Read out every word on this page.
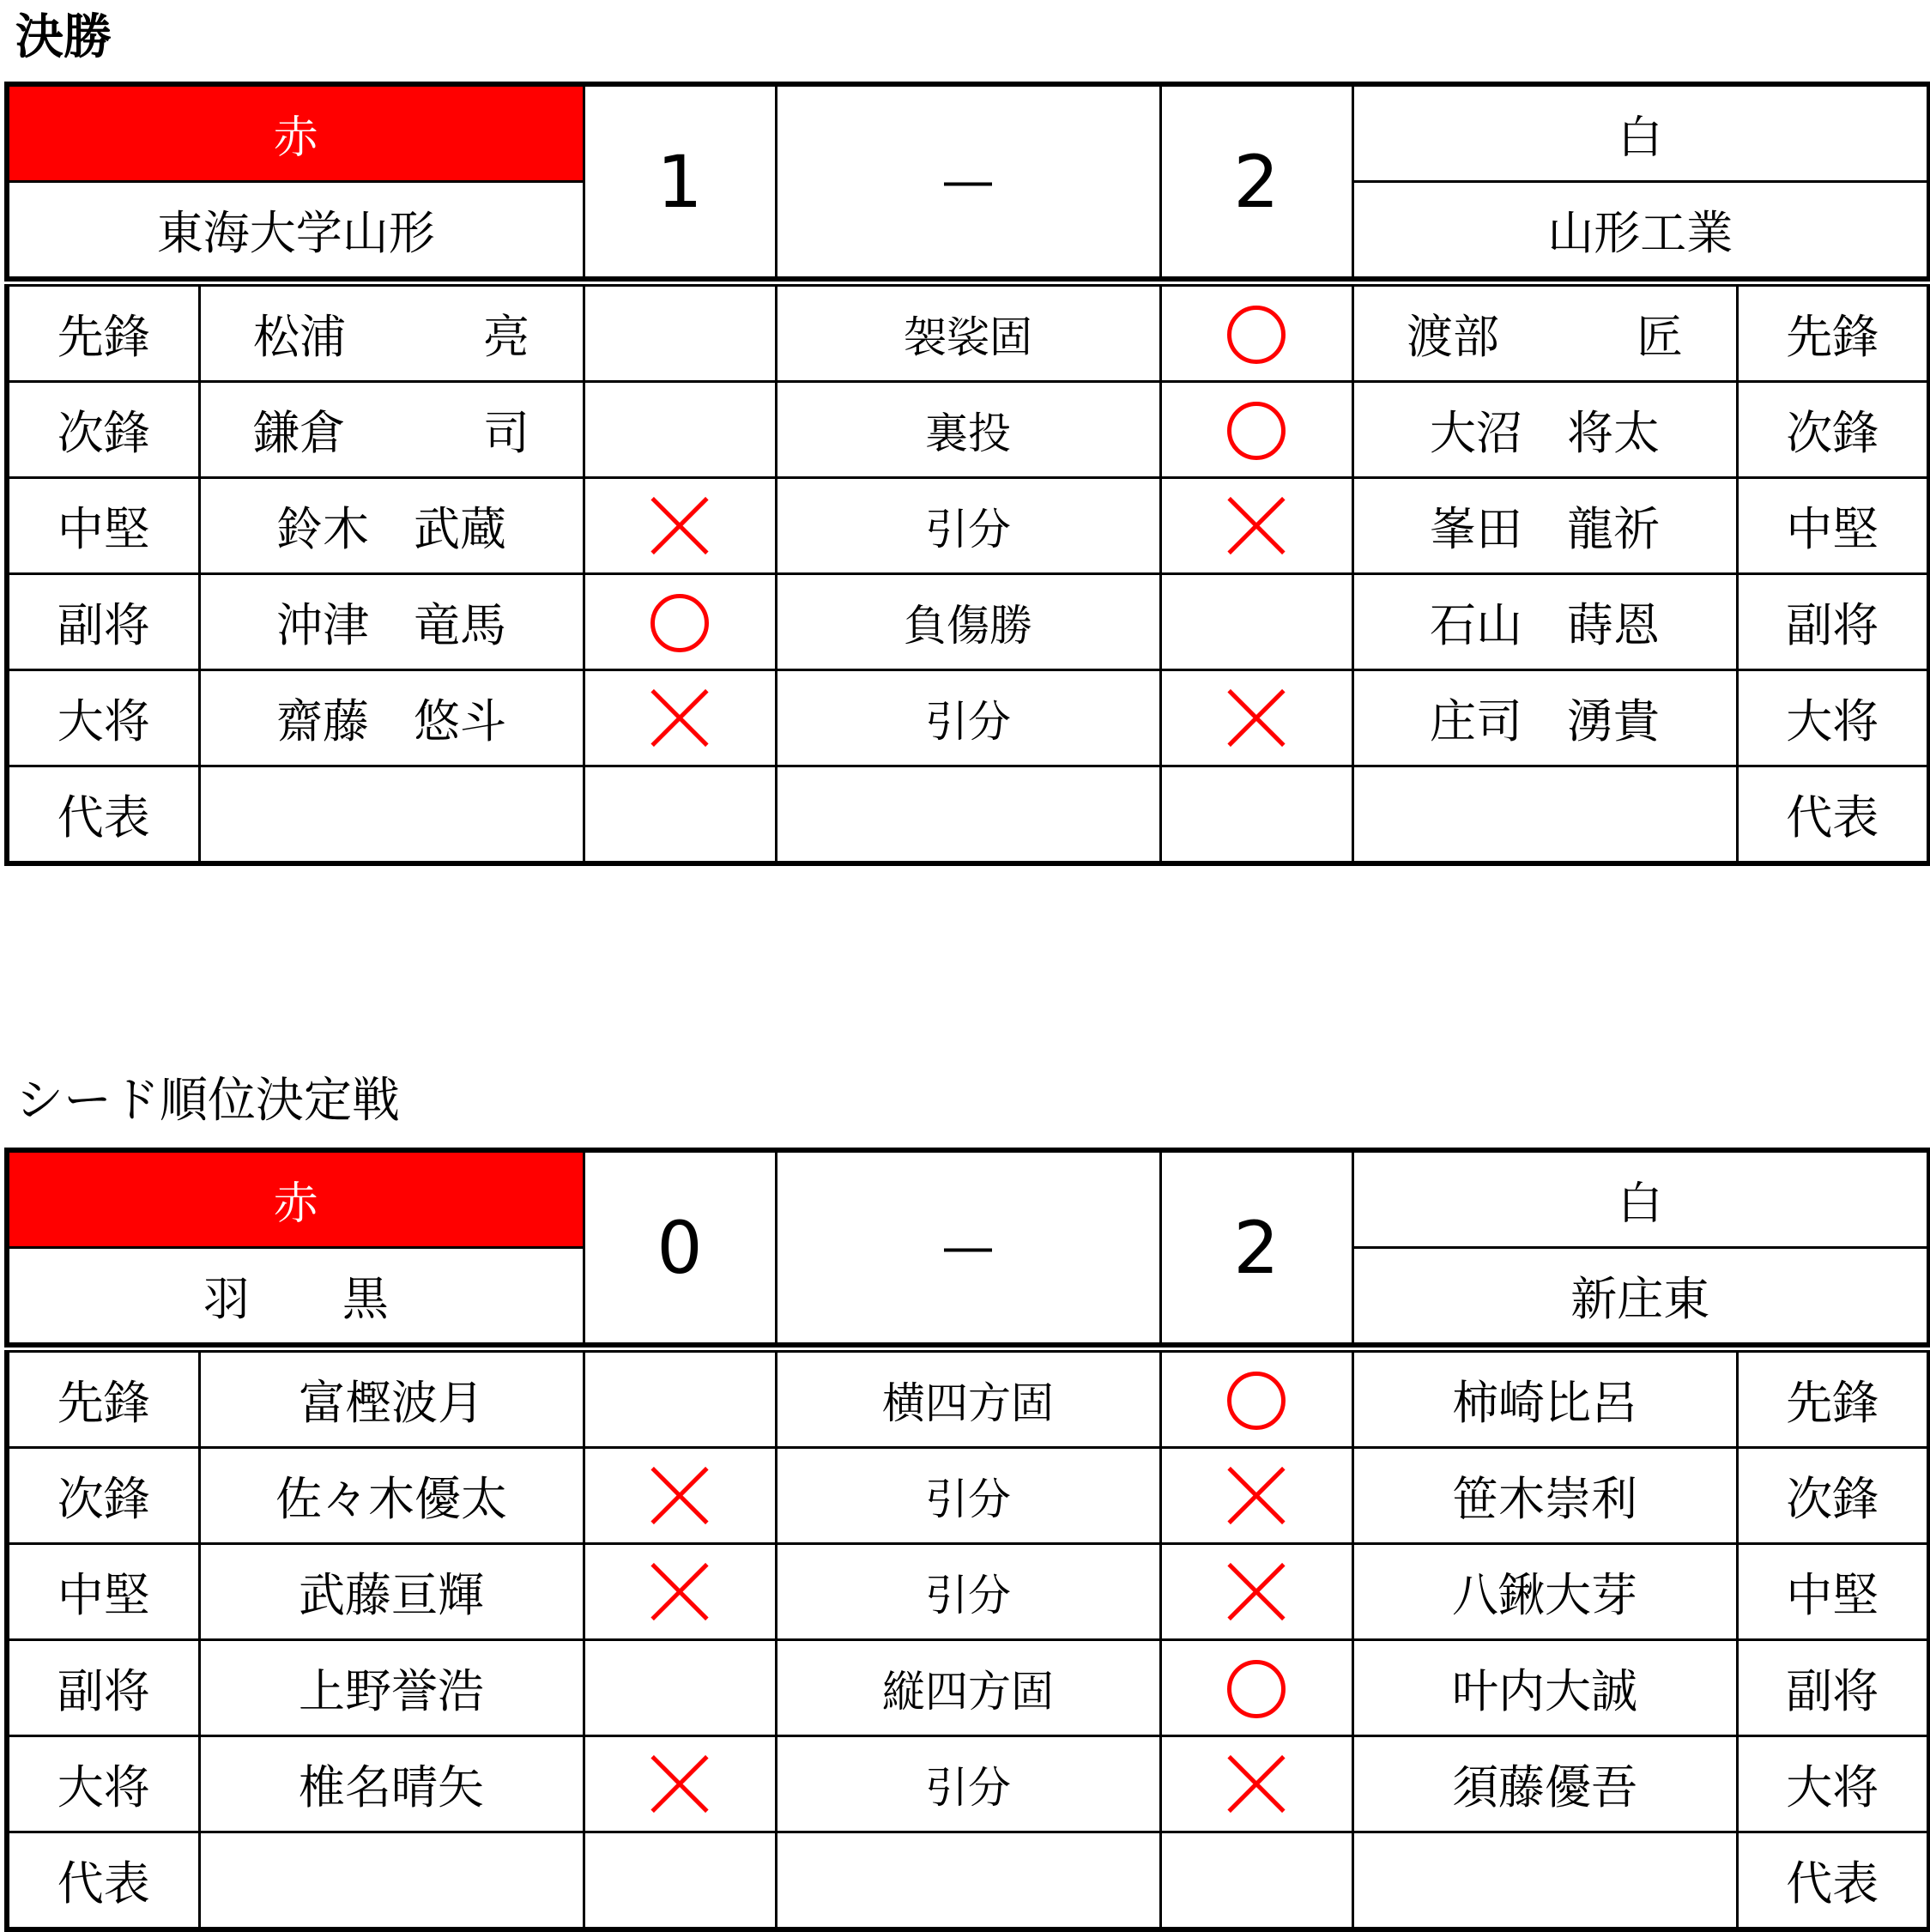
決勝
赤		1	―	2	白	
東海大学山形					山形工業	

先鋒	松浦 亮		袈裟固		渡部 匠	先鋒
次鋒	鎌倉 司		裏投		大沼 将太	次鋒
中堅	鈴木 武蔵		引分		峯田 龍祈	中堅
副将	沖津 竜馬		負傷勝		石山 蒔恩	副将
大将	齋藤 悠斗		引分		庄司 湧貴	大将
代表						代表
シード順位決定戦
赤		0	―	2	白	
羽　　黒					新庄東	

先鋒	富樫波月		横四方固		柿崎比呂	先鋒
次鋒	佐々木優太		引分		笹木崇利	次鋒
中堅	武藤亘輝		引分		八鍬大芽	中堅
副将	上野誉浩		縦四方固		叶内大誠	副将
大将	椎名晴矢		引分		須藤優吾	大将
代表						代表
